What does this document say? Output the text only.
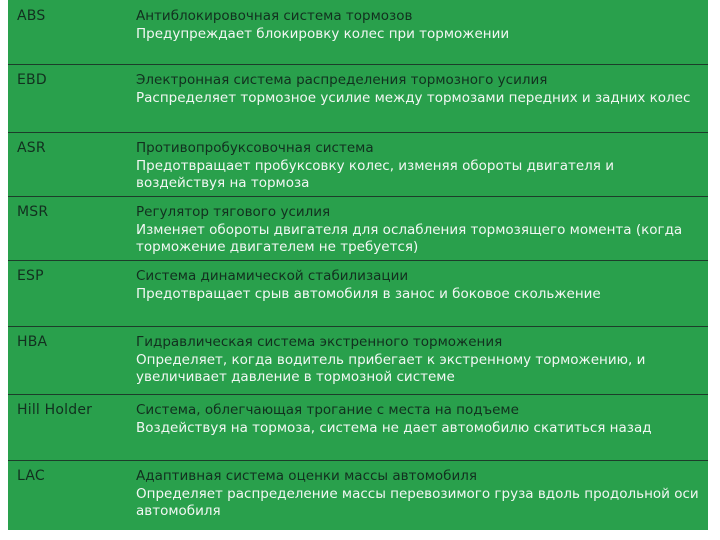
ABS	Антиблокировочная система тормозов
Предупреждает блокировку колес при торможении
EBD	Электронная система распределения тормозного усилия
Распределяет тормозное усилие между тормозами передних и задних колес
ASR	Противопробуксовочная система
Предотвращает пробуксовку колес, изменяя обороты двигателя и воздействуя на тормоза
MSR	Регулятор тягового усилия
Изменяет обороты двигателя для ослабления тормозящего момента (когда торможение двигателем не требуется)
ESP	Система динамической стабилизации
Предотвращает срыв автомобиля в занос и боковое скольжение
HBA	Гидравлическая система экстренного торможения
Определяет, когда водитель прибегает к экстренному торможению, и увеличивает давление в тормозной системе
Hill Holder	Система, облегчающая трогание с места на подъеме
Воздействуя на тормоза, система не дает автомобилю скатиться назад
LAC	Адаптивная система оценки массы автомобиля
Определяет распределение массы перевозимого груза вдоль продольной оси автомобиля
